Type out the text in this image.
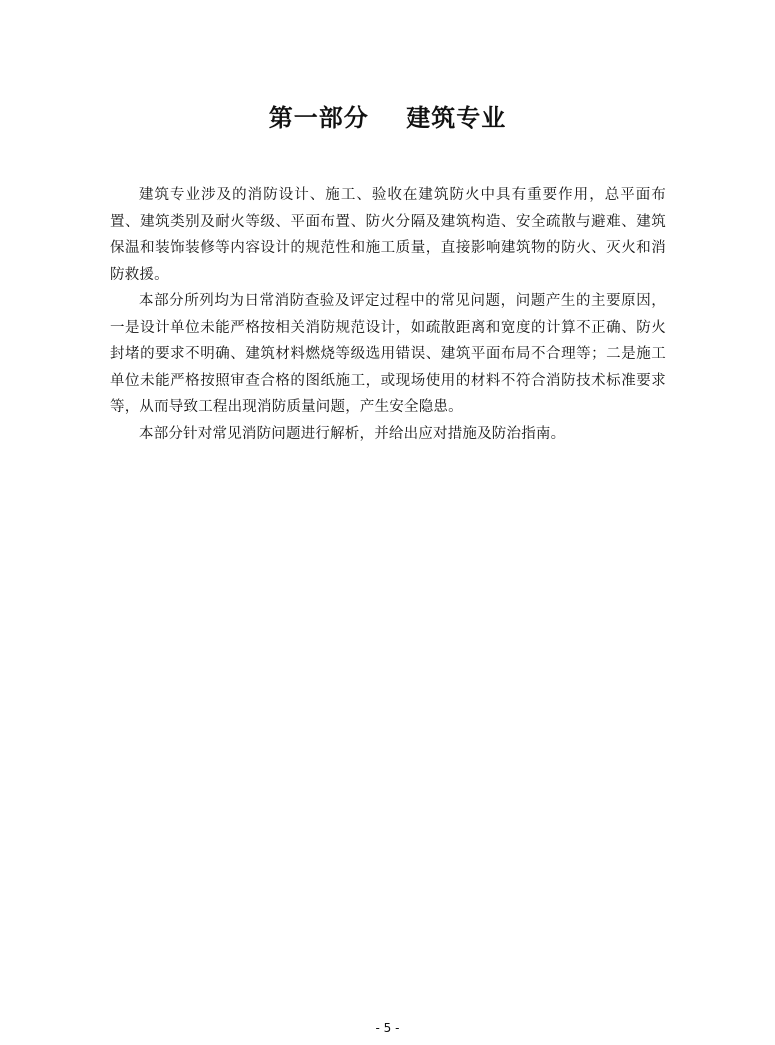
第一部分    建筑专业

建筑专业涉及的消防设计、施工、验收在建筑防火中具有重要作用，总平面布置、建筑类别及耐火等级、平面布置、防火分隔及建筑构造、安全疏散与避难、建筑保温和装饰装修等内容设计的规范性和施工质量，直接影响建筑物的防火、灭火和消防救援。

本部分所列均为日常消防查验及评定过程中的常见问题，问题产生的主要原因，一是设计单位未能严格按相关消防规范设计，如疏散距离和宽度的计算不正确、防火封堵的要求不明确、建筑材料燃烧等级选用错误、建筑平面布局不合理等；二是施工单位未能严格按照审查合格的图纸施工，或现场使用的材料不符合消防技术标准要求等，从而导致工程出现消防质量问题，产生安全隐患。

本部分针对常见消防问题进行解析，并给出应对措施及防治指南。

- 5 -
